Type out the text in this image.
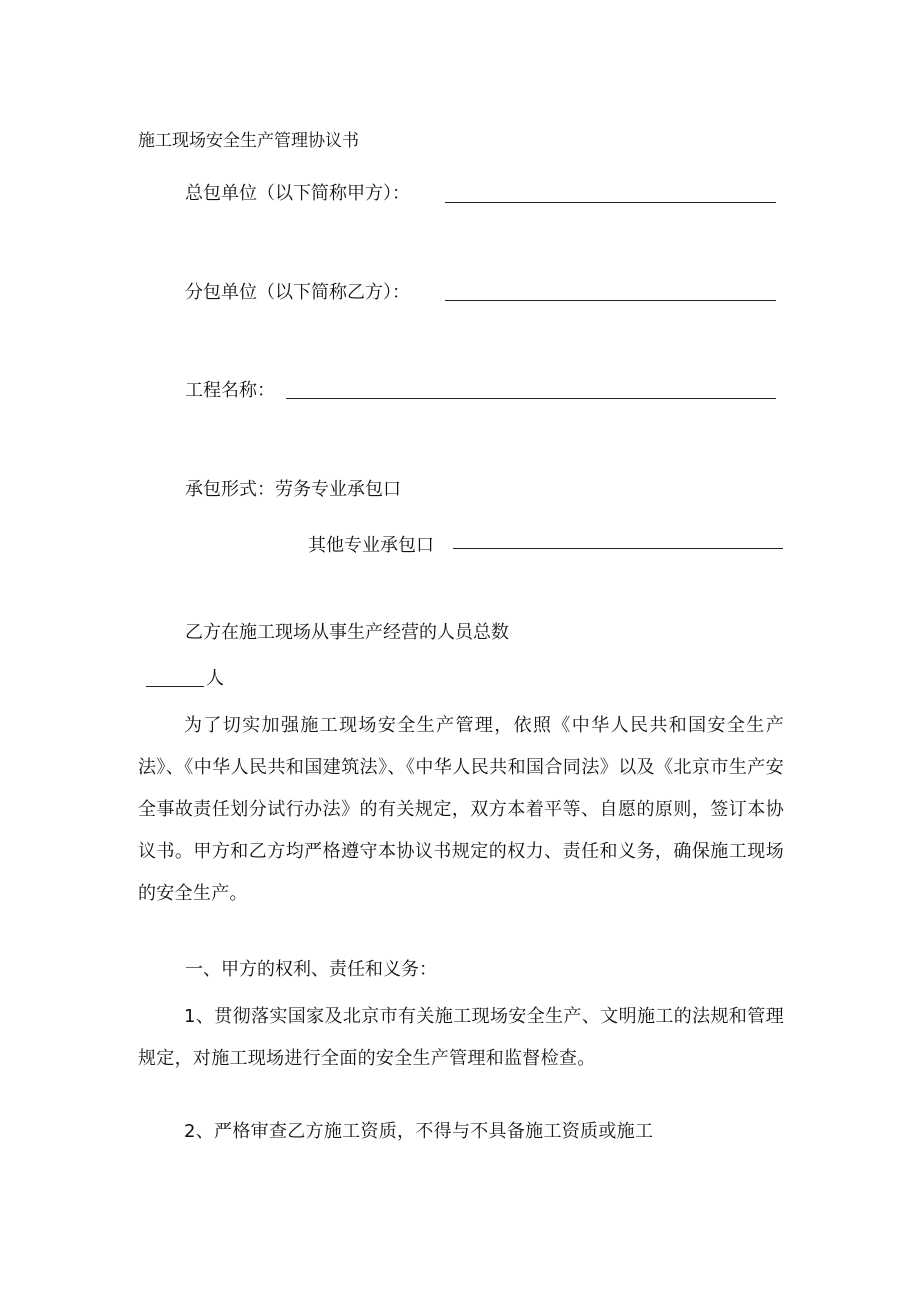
施工现场安全生产管理协议书
总包单位（以下简称甲方）：
分包单位（以下简称乙方）：
工程名称：
承包形式：劳务专业承包口
其他专业承包口
乙方在施工现场从事生产经营的人员总数
人
为了切实加强施工现场安全生产管理，依照《中华人民共和国安全生产法》、《中华人民共和国建筑法》、《中华人民共和国合同法》以及《北京市生产安全事故责任划分试行办法》的有关规定，双方本着平等、自愿的原则，签订本协议书。甲方和乙方均严格遵守本协议书规定的权力、责任和义务，确保施工现场的安全生产。
一、甲方的权利、责任和义务：
1、贯彻落实国家及北京市有关施工现场安全生产、文明施工的法规和管理规定，对施工现场进行全面的安全生产管理和监督检查。
2、严格审查乙方施工资质，不得与不具备施工资质或施工
